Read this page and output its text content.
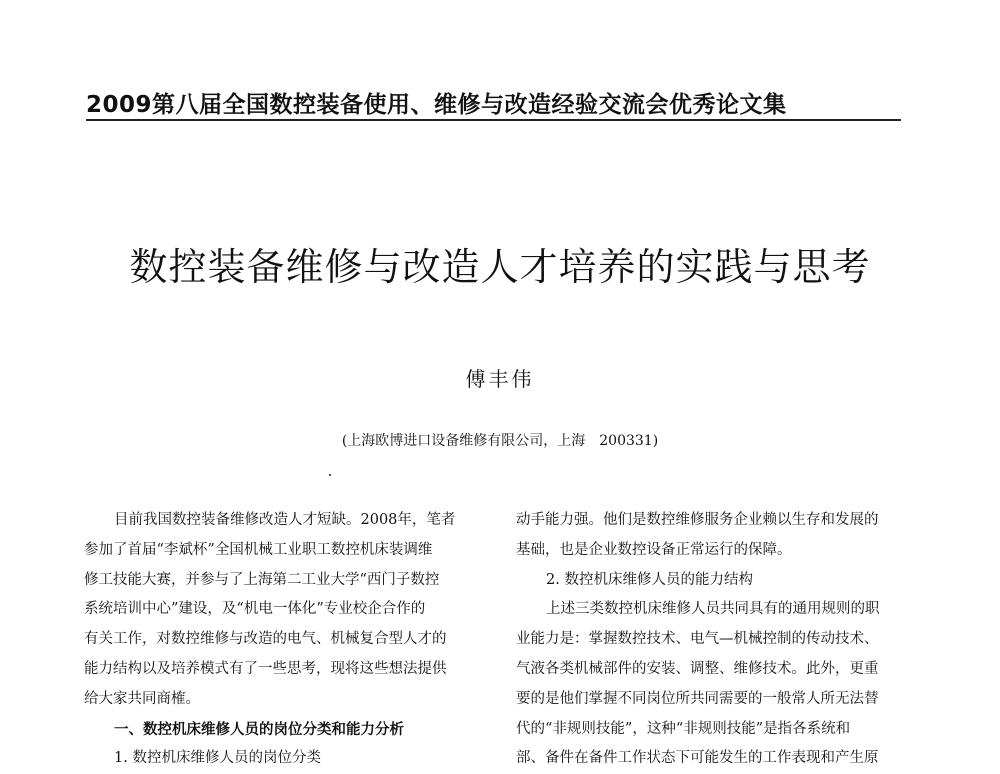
2009第八届全国数控装备使用、维修与改造经验交流会优秀论文集
数控装备维修与改造人才培养的实践与思考
傅丰伟
(上海欧博进口设备维修有限公司，上海　200331)

目前我国数控装备维修改造人才短缺。2008年，笔者

参加了首届“李斌杯”全国机械工业职工数控机床装调维

修工技能大赛，并参与了上海第二工业大学“西门子数控

系统培训中心”建设，及“机电一体化”专业校企合作的

有关工作，对数控维修与改造的电气、机械复合型人才的

能力结构以及培养模式有了一些思考，现将这些想法提供

给大家共同商榷。

一、数控机床维修人员的岗位分类和能力分析

1. 数控机床维修人员的岗位分类

动手能力强。他们是数控维修服务企业赖以生存和发展的

基础，也是企业数控设备正常运行的保障。

2. 数控机床维修人员的能力结构

上述三类数控机床维修人员共同具有的通用规则的职

业能力是：掌握数控技术、电气—机械控制的传动技术、

气液各类机械部件的安装、调整、维修技术。此外，更重

要的是他们掌握不同岗位所共同需要的一般常人所无法替

代的“非规则技能”，这种“非规则技能”是指各系统和

部、备件在备件工作状态下可能发生的工作表现和产生原
